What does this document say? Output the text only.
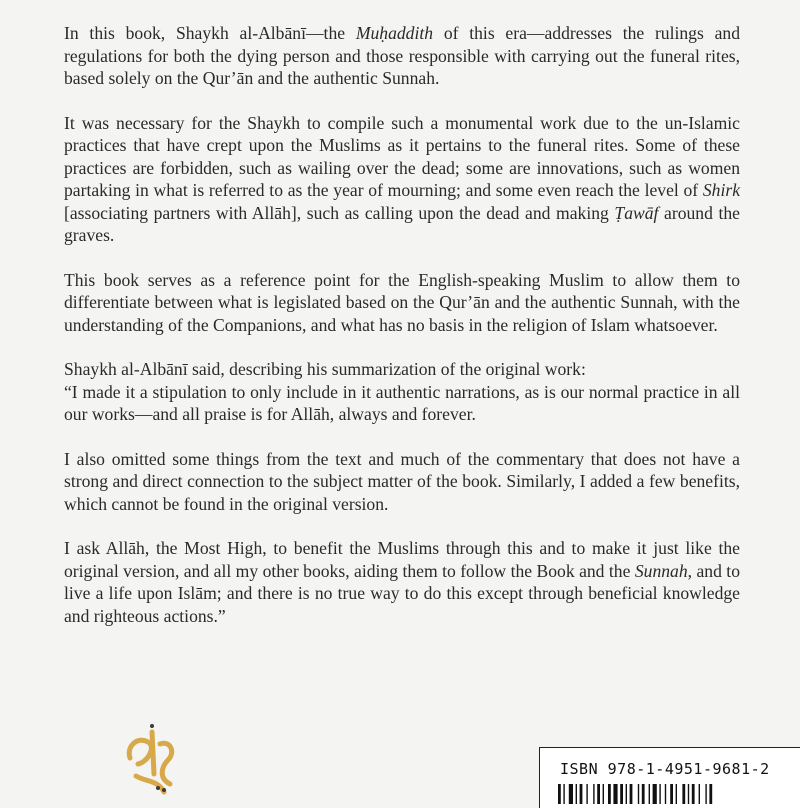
In this book, Shaykh al-Albānī—the Muḥaddith of this era—addresses the rulings and regulations for both the dying person and those responsible with carrying out the funeral rites, based solely on the Qur’ān and the authentic Sunnah.

It was necessary for the Shaykh to compile such a monumental work due to the un-Islamic practices that have crept upon the Muslims as it pertains to the funeral rites. Some of these practices are forbidden, such as wailing over the dead; some are innovations, such as women partaking in what is referred to as the year of mourning; and some even reach the level of Shirk [associating partners with Allāh], such as calling upon the dead and making Ṭawāf around the graves.

This book serves as a reference point for the English-speaking Muslim to allow them to differentiate between what is legislated based on the Qur’ān and the authentic Sunnah, with the understanding of the Companions, and what has no basis in the religion of Islam whatsoever.

Shaykh al-Albānī said, describing his summarization of the original work:

“I made it a stipulation to only include in it authentic narrations, as is our normal practice in all our works—and all praise is for Allāh, always and forever.

I also omitted some things from the text and much of the commentary that does not have a strong and direct connection to the subject matter of the book. Similarly, I added a few benefits, which cannot be found in the original version.

I ask Allāh, the Most High, to benefit the Muslims through this and to make it just like the original version, and all my other books, aiding them to follow the Book and the Sunnah, and to live a life upon Islām; and there is no true way to do this except through beneficial knowledge and righteous actions.”

ISBN 978-1-4951-9681-2
